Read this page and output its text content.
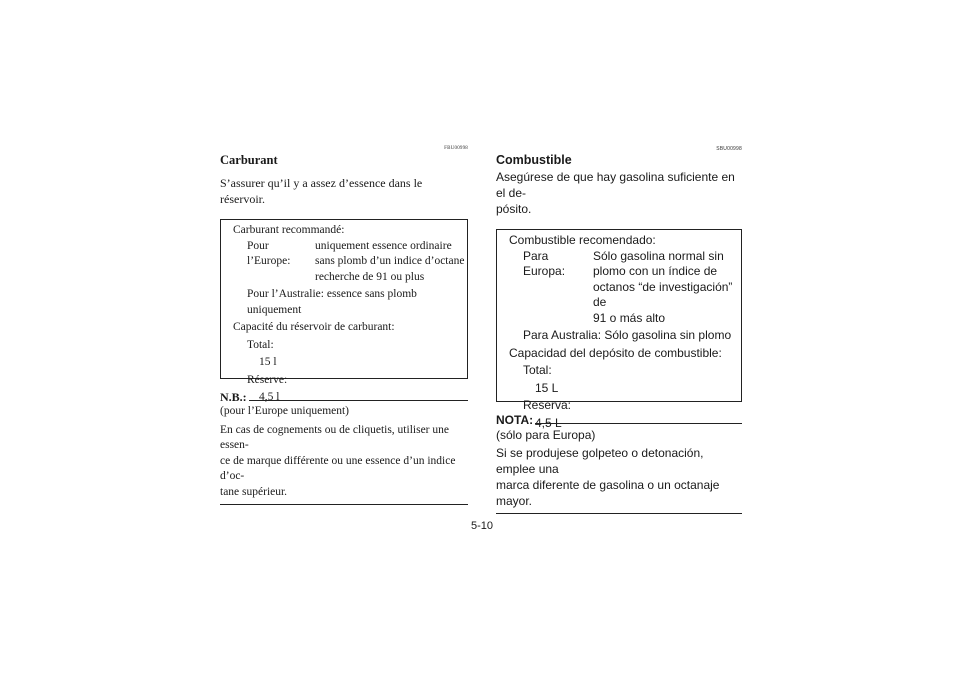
FBU00998
Carburant

S’assurer qu’il y a assez d’essence dans le réservoir.

Carburant recommandé:

Pour l’Europe:

uniquement essence ordinaire

sans plomb d’un indice d’octane

recherche de 91 ou plus

Pour l’Australie: essence sans plomb uniquement

Capacité du réservoir de carburant:

Total:

15 l

Réserve:

4,5 l

N.B.:

(pour l’Europe uniquement)

En cas de cognements ou de cliquetis, utiliser une essen-

ce de marque différente ou une essence d’un indice d’oc-

tane supérieur.

SBU00998
Combustible

Asegúrese de que hay gasolina suficiente en el de-

pósito.

Combustible recomendado:

Para Europa:

Sólo gasolina normal sin

plomo con un índice de

octanos “de investigación” de

91 o más alto

Para Australia: Sólo gasolina sin plomo

Capacidad del depósito de combustible:

Total:

15 L

Reserva:

4,5 L

NOTA:

(sólo para Europa)

Si se produjese golpeteo o detonación, emplee una

marca diferente de gasolina o un octanaje mayor.

5-10
